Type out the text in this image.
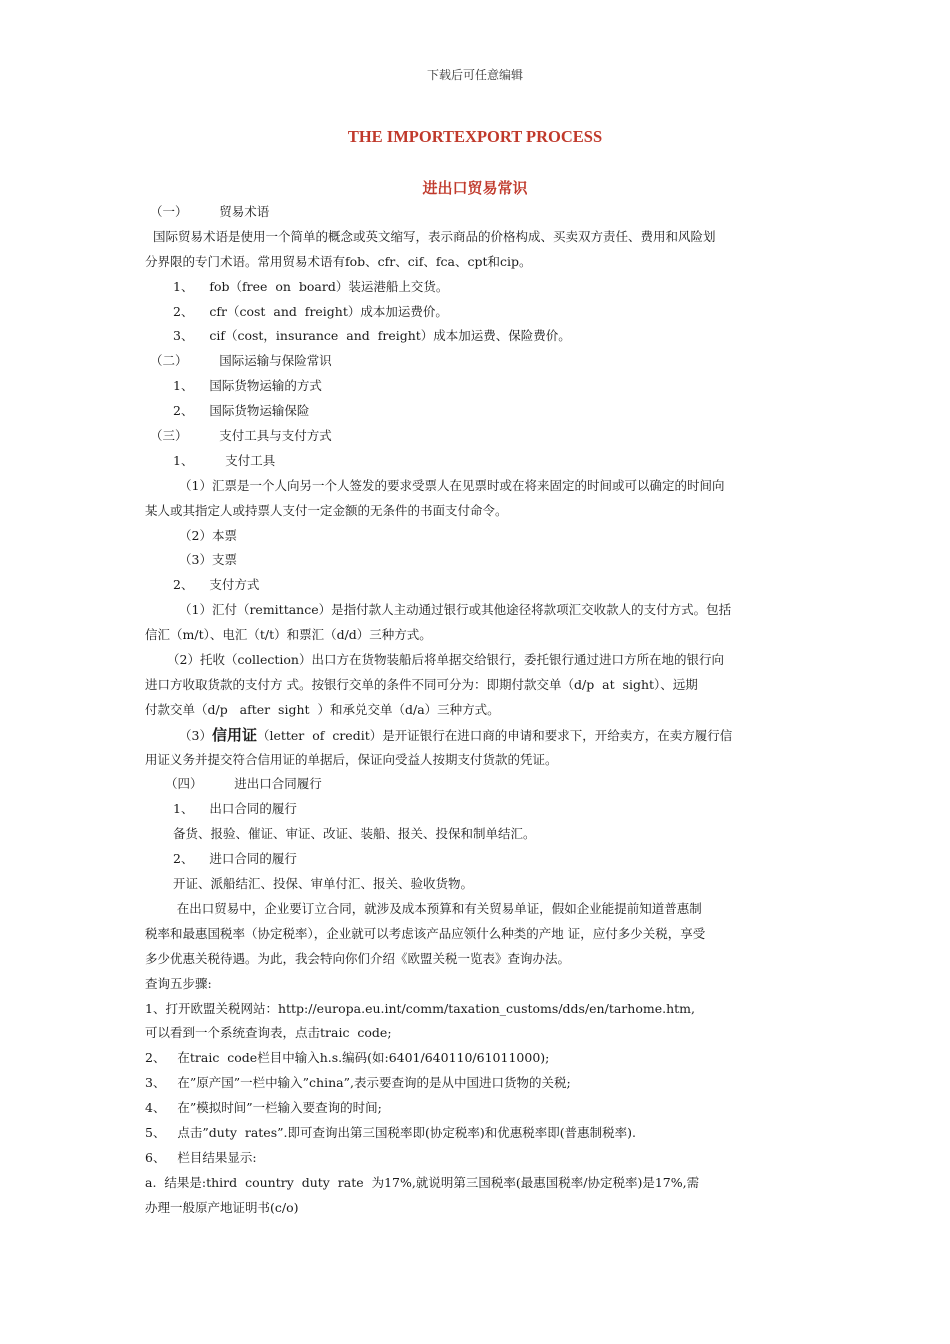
下载后可任意编辑
THE IMPORTEXPORT PROCESS
进出口贸易常识
（一）        贸易术语
国际贸易术语是使用一个简单的概念或英文缩写，表示商品的价格构成、买卖双方责任、费用和风险划
分界限的专门术语。常用贸易术语有fob、cfr、cif、fca、cpt和cip。
1、    fob（free  on  board）装运港船上交货。
2、    cfr（cost  and  freight）成本加运费价。
3、    cif（cost，insurance  and  freight）成本加运费、保险费价。
（二）        国际运输与保险常识
1、    国际货物运输的方式
2、    国际货物运输保险
（三）        支付工具与支付方式
1、        支付工具
（1）汇票是一个人向另一个人签发的要求受票人在见票时或在将来固定的时间或可以确定的时间向
某人或其指定人或持票人支付一定金额的无条件的书面支付命令。
（2）本票
（3）支票
2、    支付方式
（1）汇付（remittance）是指付款人主动通过银行或其他途径将款项汇交收款人的支付方式。包括
信汇（m/t）、电汇（t/t）和票汇（d/d）三种方式。
（2）托收（collection）出口方在货物装船后将单据交给银行，委托银行通过进口方所在地的银行向
进口方收取货款的支付方 式。按银行交单的条件不同可分为：即期付款交单（d/p  at  sight）、远期
付款交单（d/p   after  sight  ）和承兑交单（d/a）三种方式。
（3）信用证（letter  of  credit）是开证银行在进口商的申请和要求下，开给卖方，在卖方履行信
用证义务并提交符合信用证的单据后，保证向受益人按期支付货款的凭证。
（四）        进出口合同履行
1、    出口合同的履行
备货、报验、催证、审证、改证、装船、报关、投保和制单结汇。
2、    进口合同的履行
开证、派船结汇、投保、审单付汇、报关、验收货物。
在出口贸易中，企业要订立合同，就涉及成本预算和有关贸易单证，假如企业能提前知道普惠制
税率和最惠国税率（协定税率），企业就可以考虑该产品应领什么种类的产地 证，应付多少关税，享受
多少优惠关税待遇。为此，我会特向你们介绍《欧盟关税一览表》查询办法。
查询五步骤:
1、打开欧盟关税网站：http://europa.eu.int/comm/taxation_customs/dds/en/tarhome.htm,
可以看到一个系统查询表，点击traic  code;
2、   在traic  code栏目中输入h.s.编码(如:6401/640110/61011000);
3、   在”原产国”一栏中输入”china”,表示要查询的是从中国进口货物的关税;
4、   在”模拟时间”一栏输入要查询的时间;
5、   点击”duty  rates”.即可查询出第三国税率即(协定税率)和优惠税率即(普惠制税率).
6、   栏目结果显示:
a.  结果是:third  country  duty  rate  为17%,就说明第三国税率(最惠国税率/协定税率)是17%,需
办理一般原产地证明书(c/o)
